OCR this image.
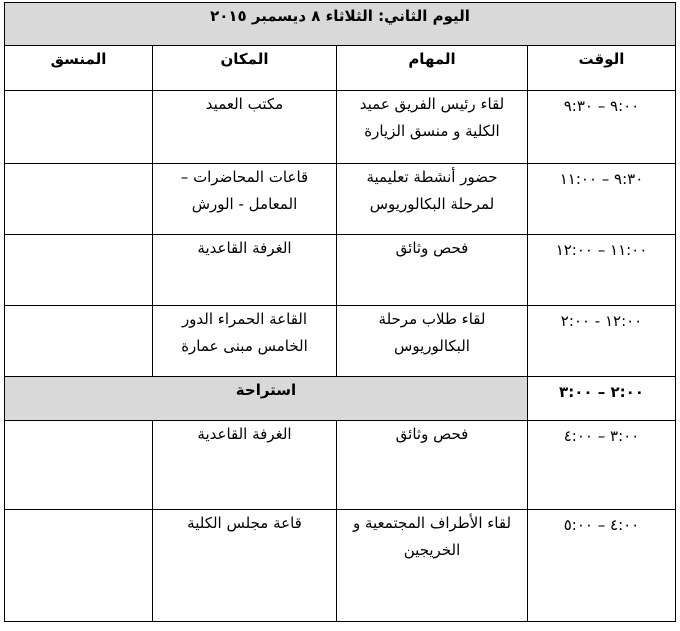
اليوم الثاني: الثلاثاء ٨ ديسمبر ٢٠١٥			
الوقت	المهام	المكان	المنسق

٩:٠٠ – ٩:٣٠	لقاء رئيس الفريق عميد الكلية و منسق الزيارة	مكتب العميد	

٩:٣٠ – ١١:٠٠	حضور أنشطة تعليمية لمرحلة البكالوريوس	قاعات المحاضرات – المعامل - الورش	

١١:٠٠ – ١٢:٠٠	فحص وثائق	الغرفة القاعدية	

١٢:٠٠ - ٢:٠٠	لقاء طلاب مرحلة البكالوريوس	القاعة الحمراء الدور الخامس مبنى عمارة	

٢:٠٠ – ٣:٠٠	استراحة		

٣:٠٠ – ٤:٠٠	فحص وثائق	الغرفة القاعدية	

٤:٠٠ – ٥:٠٠	لقاء الأطراف المجتمعية و الخريجين	قاعة مجلس الكلية	
